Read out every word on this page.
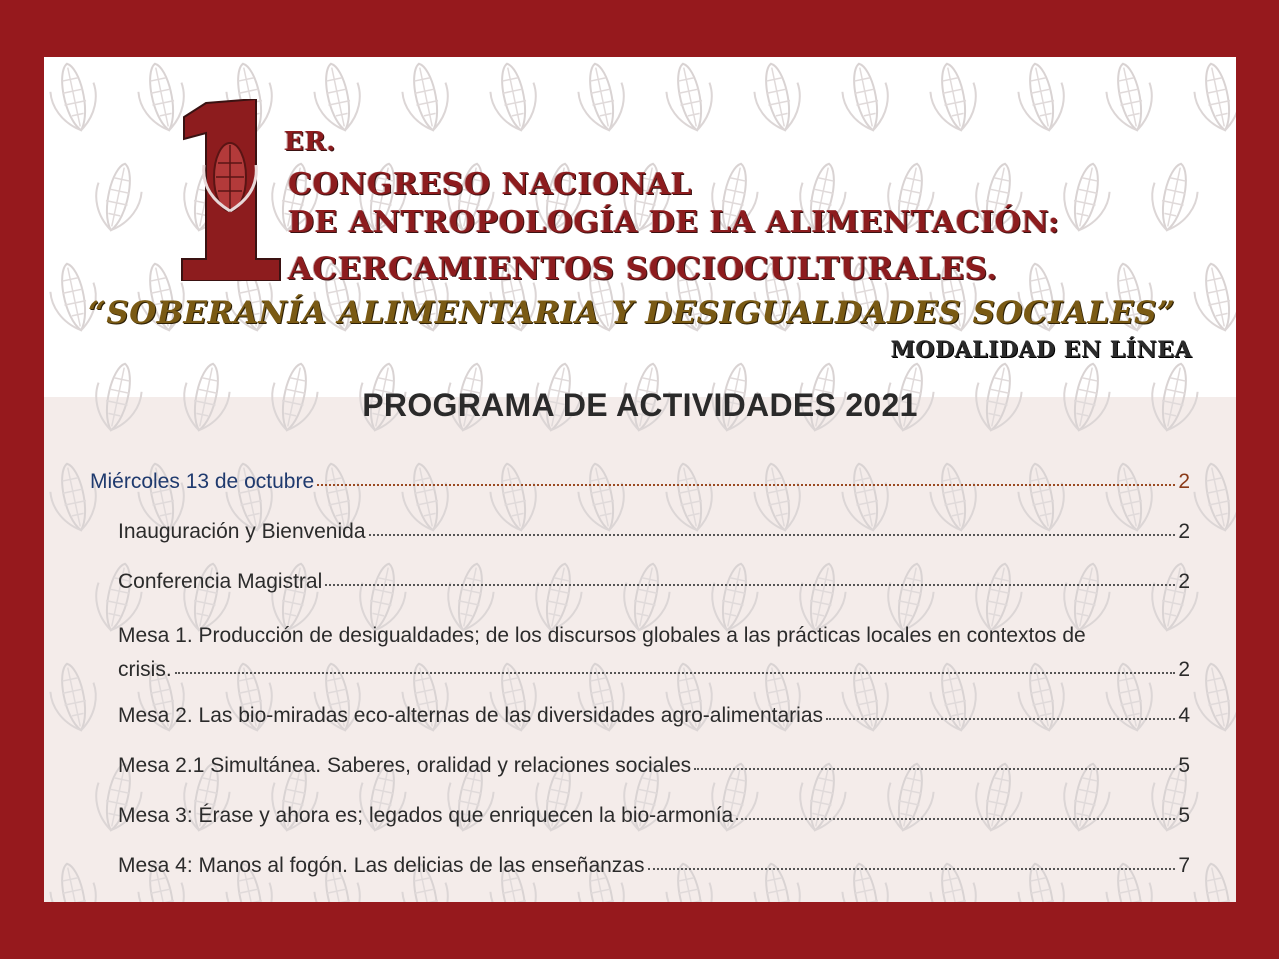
ER.

CONGRESO NACIONAL

DE ANTROPOLOGÍA DE LA ALIMENTACIÓN:

ACERCAMIENTOS SOCIOCULTURALES.

“SOBERANÍA ALIMENTARIA Y DESIGUALDADES SOCIALES”

MODALIDAD EN LÍNEA

PROGRAMA DE ACTIVIDADES 2021
Miércoles 13 de octubre	2
Inauguración y Bienvenida	2
Conferencia Magistral	2
Mesa 1. Producción de desigualdades; de los discursos globales a las prácticas locales en contextos de
crisis.	2
Mesa 2. Las bio-miradas eco-alternas de las diversidades agro-alimentarias	4
Mesa 2.1 Simultánea. Saberes, oralidad y relaciones sociales	5
Mesa 3: Érase y ahora es; legados que enriquecen la bio-armonía	5
Mesa 4: Manos al fogón. Las delicias de las enseñanzas	7
